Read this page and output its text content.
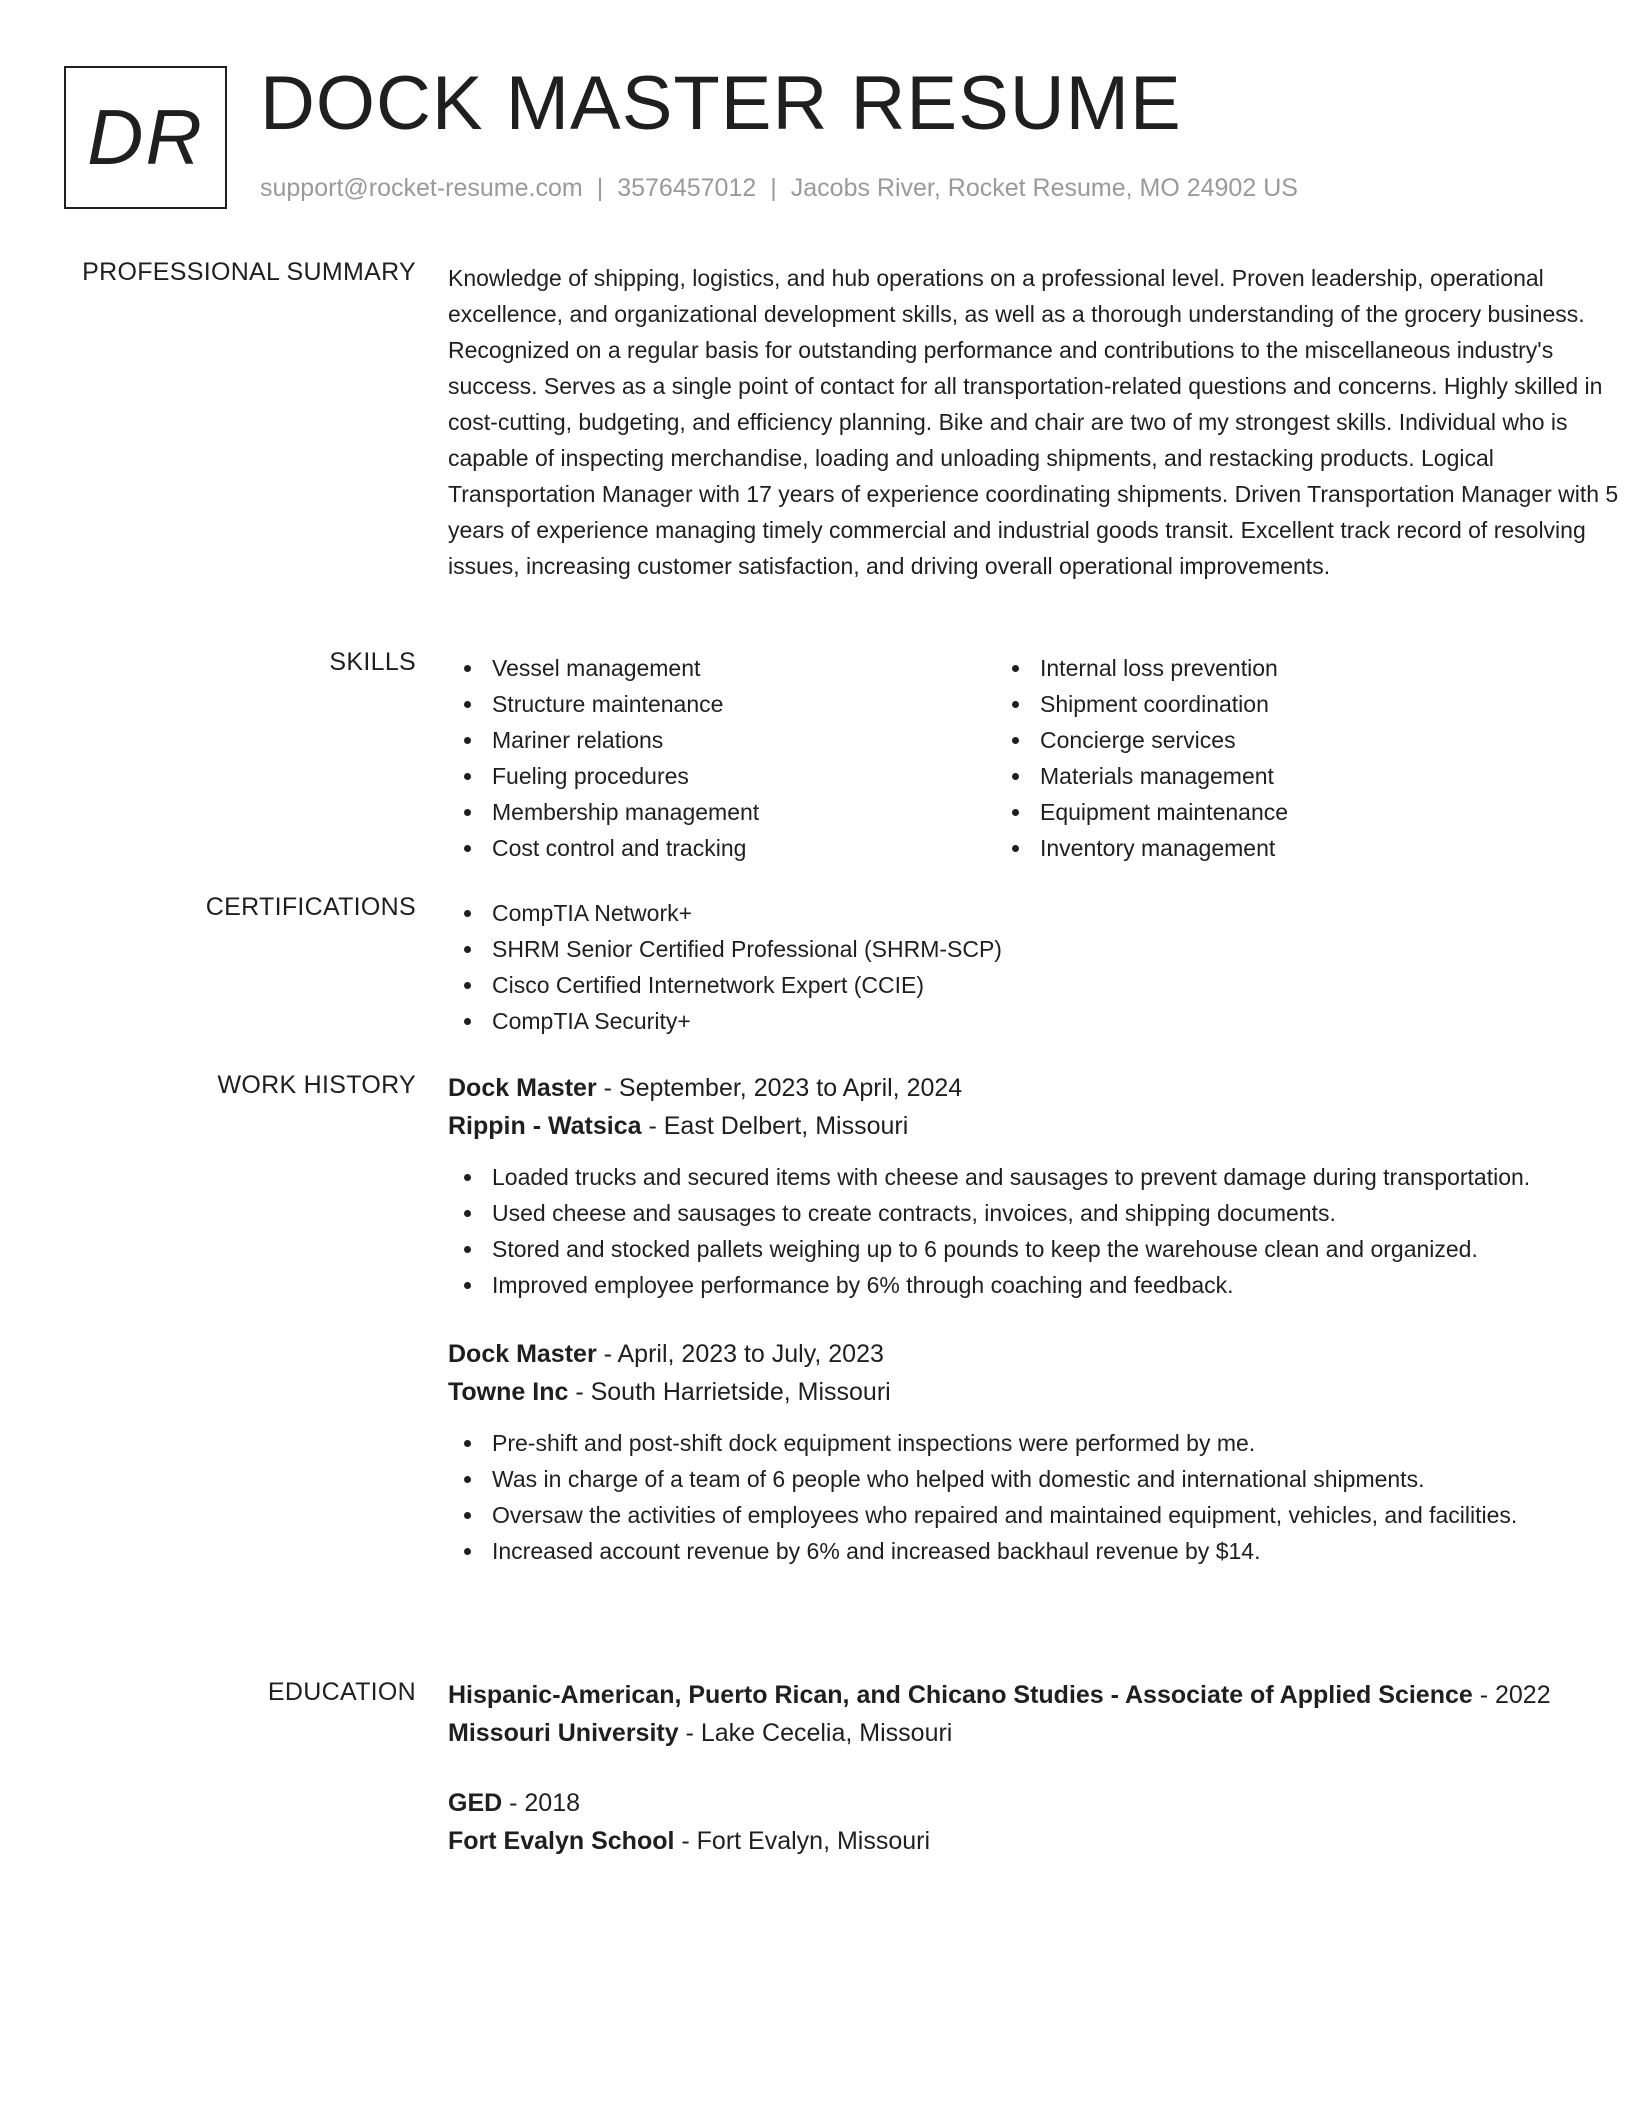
DR DOCK MASTER RESUME
support@rocket-resume.com | 3576457012 | Jacobs River, Rocket Resume, MO 24902 US
PROFESSIONAL SUMMARY Knowledge of shipping, logistics, and hub operations on a professional level. Proven leadership, operational excellence, and organizational development skills, as well as a thorough understanding of the grocery business. Recognized on a regular basis for outstanding performance and contributions to the miscellaneous industry's success. Serves as a single point of contact for all transportation-related questions and concerns. Highly skilled in cost-cutting, budgeting, and efficiency planning. Bike and chair are two of my strongest skills. Individual who is capable of inspecting merchandise, loading and unloading shipments, and restacking products. Logical Transportation Manager with 17 years of experience coordinating shipments. Driven Transportation Manager with 5 years of experience managing timely commercial and industrial goods transit. Excellent track record of resolving issues, increasing customer satisfaction, and driving overall operational improvements.
SKILLS	Vessel management
Structure maintenance
Mariner relations
Fueling procedures
Membership management
Cost control and tracking
Internal loss prevention
Shipment coordination
Concierge services
Materials management
Equipment maintenance
Inventory management
CERTIFICATIONS	CompTIA Network+
SHRM Senior Certified Professional (SHRM-SCP)
Cisco Certified Internetwork Expert (CCIE)
CompTIA Security+
WORK HISTORY Dock Master - September, 2023 to April, 2024
Rippin - Watsica - East Delbert, Missouri
Loaded trucks and secured items with cheese and sausages to prevent damage during transportation.
Used cheese and sausages to create contracts, invoices, and shipping documents.
Stored and stocked pallets weighing up to 6 pounds to keep the warehouse clean and organized.
Improved employee performance by 6% through coaching and feedback.
Dock Master - April, 2023 to July, 2023
Towne Inc - South Harrietside, Missouri
Pre-shift and post-shift dock equipment inspections were performed by me.
Was in charge of a team of 6 people who helped with domestic and international shipments.
Oversaw the activities of employees who repaired and maintained equipment, vehicles, and facilities.
Increased account revenue by 6% and increased backhaul revenue by $14.
EDUCATION Hispanic-American, Puerto Rican, and Chicano Studies - Associate of Applied Science - 2022
Missouri University - Lake Cecelia, Missouri
GED - 2018
Fort Evalyn School - Fort Evalyn, Missouri
